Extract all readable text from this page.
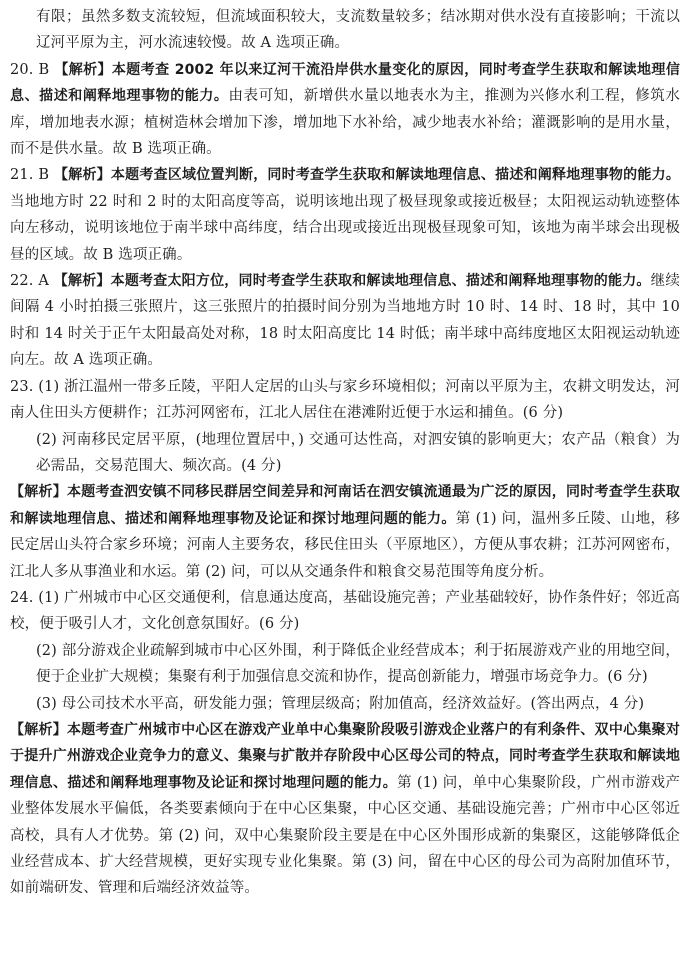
有限；虽然多数支流较短，但流域面积较大，支流数量较多；结冰期对供水没有直接影响；干流以辽河平原为主，河水流速较慢。故 A 选项正确。

20. B 【解析】本题考查 2002 年以来辽河干流沿岸供水量变化的原因，同时考查学生获取和解读地理信息、描述和阐释地理事物的能力。由表可知，新增供水量以地表水为主，推测为兴修水利工程，修筑水库，增加地表水源；植树造林会增加下渗，增加地下水补给，减少地表水补给；灌溉影响的是用水量，而不是供水量。故 B 选项正确。

21. B 【解析】本题考查区域位置判断，同时考查学生获取和解读地理信息、描述和阐释地理事物的能力。当地地方时 22 时和 2 时的太阳高度等高，说明该地出现了极昼现象或接近极昼；太阳视运动轨迹整体向左移动，说明该地位于南半球中高纬度，结合出现或接近出现极昼现象可知，该地为南半球会出现极昼的区域。故 B 选项正确。

22. A 【解析】本题考查太阳方位，同时考查学生获取和解读地理信息、描述和阐释地理事物的能力。继续间隔 4 小时拍摄三张照片，这三张照片的拍摄时间分别为当地地方时 10 时、14 时、18 时，其中 10 时和 14 时关于正午太阳最高处对称，18 时太阳高度比 14 时低；南半球中高纬度地区太阳视运动轨迹向左。故 A 选项正确。

23. (1) 浙江温州一带多丘陵，平阳人定居的山头与家乡环境相似；河南以平原为主，农耕文明发达，河南人住田头方便耕作；江苏河网密布，江北人居住在港滩附近便于水运和捕鱼。(6 分)

(2) 河南移民定居平原，(地理位置居中，) 交通可达性高，对泗安镇的影响更大；农产品（粮食）为必需品，交易范围大、频次高。(4 分)

【解析】本题考查泗安镇不同移民群居空间差异和河南话在泗安镇流通最为广泛的原因，同时考查学生获取和解读地理信息、描述和阐释地理事物及论证和探讨地理问题的能力。第 (1) 问，温州多丘陵、山地，移民定居山头符合家乡环境；河南人主要务农，移民住田头（平原地区），方便从事农耕；江苏河网密布，江北人多从事渔业和水运。第 (2) 问，可以从交通条件和粮食交易范围等角度分析。

24. (1) 广州城市中心区交通便利，信息通达度高，基础设施完善；产业基础较好，协作条件好；邻近高校，便于吸引人才，文化创意氛围好。(6 分)

(2) 部分游戏企业疏解到城市中心区外围，利于降低企业经营成本；利于拓展游戏产业的用地空间，便于企业扩大规模；集聚有利于加强信息交流和协作，提高创新能力，增强市场竞争力。(6 分)

(3) 母公司技术水平高，研发能力强；管理层级高；附加值高，经济效益好。(答出两点，4 分)

【解析】本题考查广州城市中心区在游戏产业单中心集聚阶段吸引游戏企业落户的有利条件、双中心集聚对于提升广州游戏企业竞争力的意义、集聚与扩散并存阶段中心区母公司的特点，同时考查学生获取和解读地理信息、描述和阐释地理事物及论证和探讨地理问题的能力。第 (1) 问，单中心集聚阶段，广州市游戏产业整体发展水平偏低，各类要素倾向于在中心区集聚，中心区交通、基础设施完善；广州市中心区邻近高校，具有人才优势。第 (2) 问，双中心集聚阶段主要是在中心区外围形成新的集聚区，这能够降低企业经营成本、扩大经营规模，更好实现专业化集聚。第 (3) 问，留在中心区的母公司为高附加值环节，如前端研发、管理和后端经济效益等。
